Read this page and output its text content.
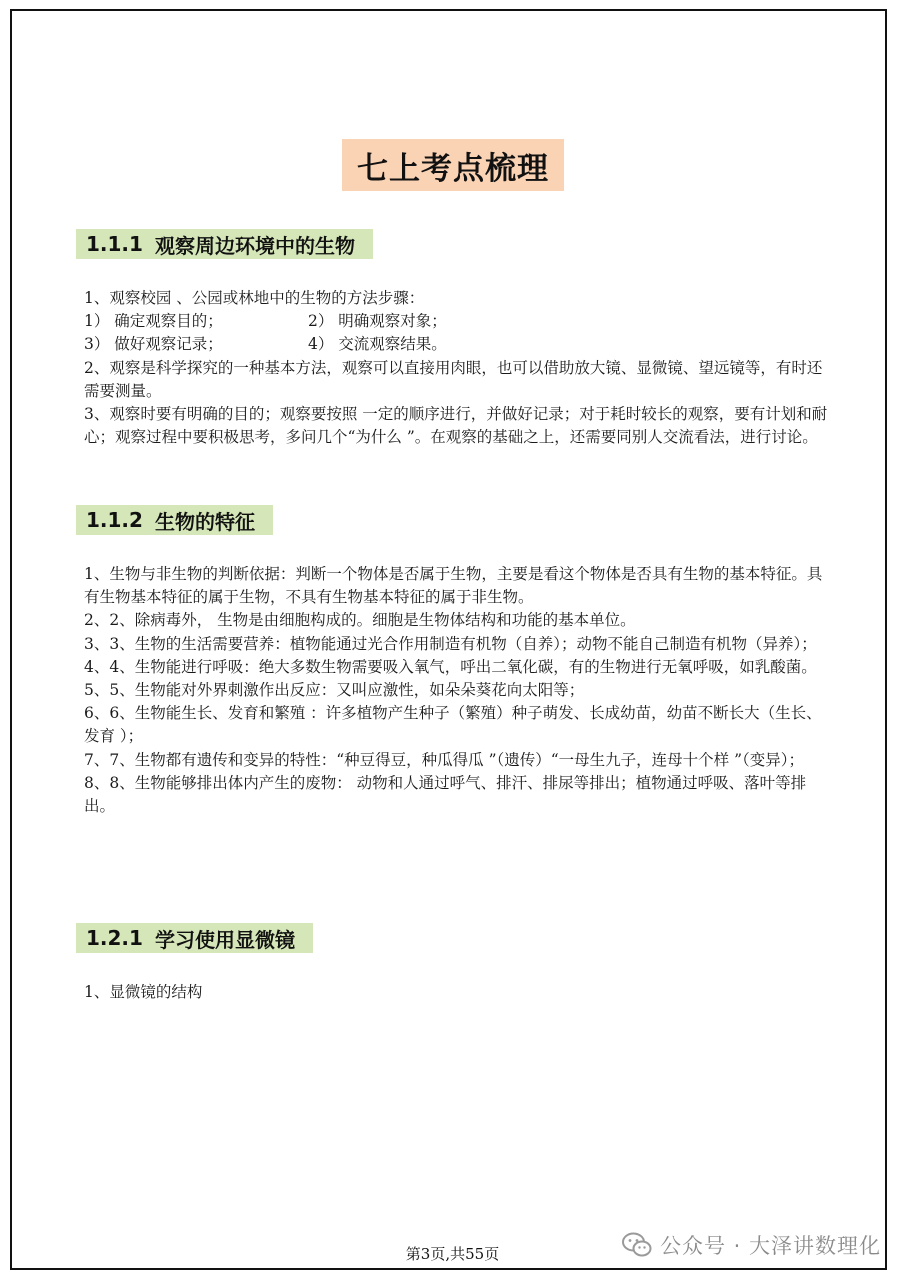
七上考点梳理
1.1.1 观察周边环境中的生物

1、观察校园 、公园或林地中的生物的方法步骤：

1） 确定观察目的；	2） 明确观察对象；
3） 做好观察记录；	4） 交流观察结果。

2、观察是科学探究的一种基本方法，观察可以直接用肉眼，也可以借助放大镜、显微镜、望远镜等，有时还需要测量。

3、观察时要有明确的目的；观察要按照 一定的顺序进行，并做好记录；对于耗时较长的观察，要有计划和耐心；观察过程中要积极思考，多问几个“为什么 ”。在观察的基础之上，还需要同别人交流看法，进行讨论。

1.1.2 生物的特征

1、生物与非生物的判断依据：判断一个物体是否属于生物，主要是看这个物体是否具有生物的基本特征。具有生物基本特征的属于生物，不具有生物基本特征的属于非生物。

2、2、除病毒外， 生物是由细胞构成的。细胞是生物体结构和功能的基本单位。

3、3、生物的生活需要营养：植物能通过光合作用制造有机物（自养）；动物不能自己制造有机物（异养）；

4、4、生物能进行呼吸：绝大多数生物需要吸入氧气，呼出二氧化碳，有的生物进行无氧呼吸，如乳酸菌。

5、5、生物能对外界刺激作出反应：又叫应激性，如朵朵葵花向太阳等；

6、6、生物能生长、发育和繁殖 ：许多植物产生种子（繁殖）种子萌发、长成幼苗，幼苗不断长大（生长、发育 ）；

7、7、生物都有遗传和变异的特性：“种豆得豆，种瓜得瓜 ”（遗传）“一母生九子，连母十个样 ”（变异）；

8、8、生物能够排出体内产生的废物： 动物和人通过呼气、排汗、排尿等排出；植物通过呼吸、落叶等排出。

1.2.1 学习使用显微镜

1、显微镜的结构

第3页,共55页	公众号 · 大泽讲数理化
